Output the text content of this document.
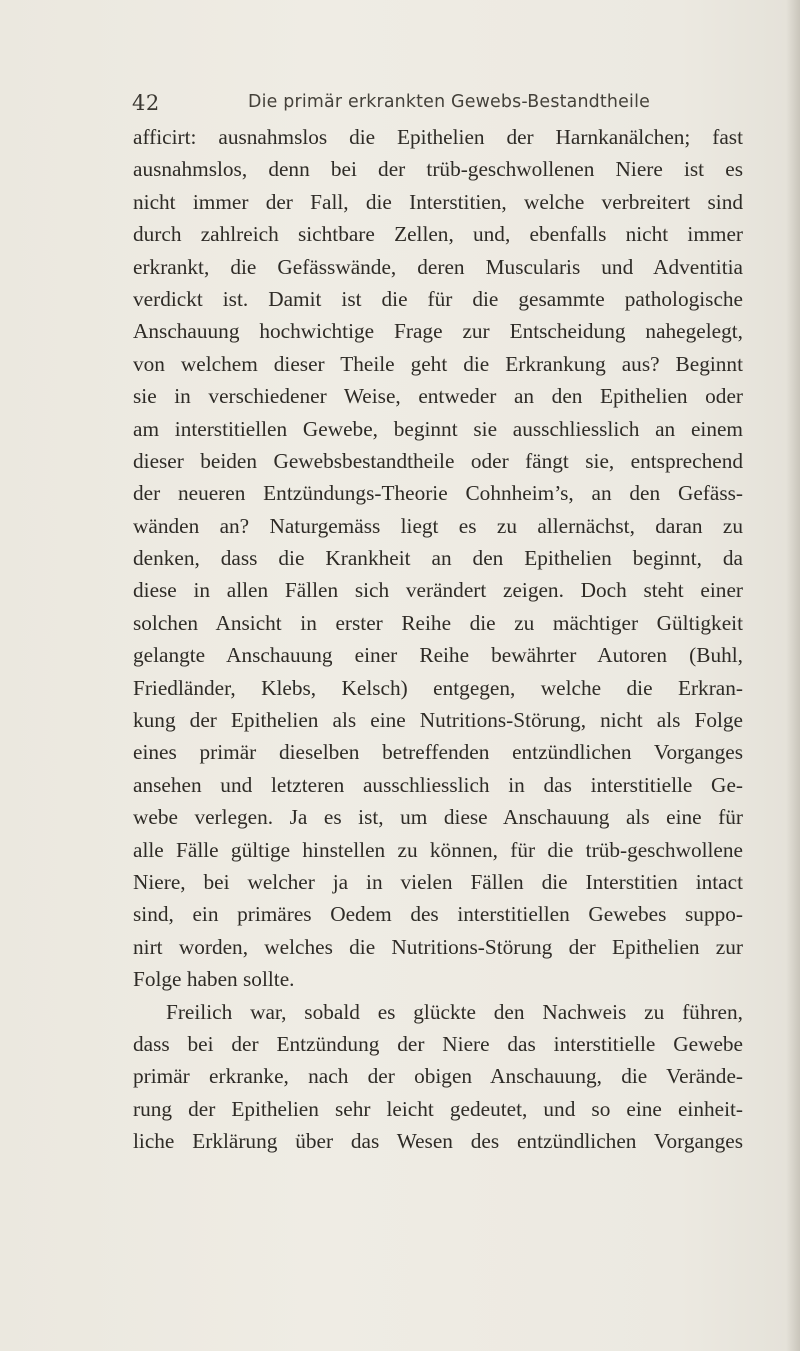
42	Die primär erkrankten Gewebs-Bestandtheile
afficirt: ausnahmslos die Epithelien der Harnkanälchen; fast
ausnahmslos, denn bei der trüb-geschwollenen Niere ist es
nicht immer der Fall, die Interstitien, welche verbreitert sind
durch zahlreich sichtbare Zellen, und, ebenfalls nicht immer
erkrankt, die Gefässwände, deren Muscularis und Adventitia
verdickt ist. Damit ist die für die gesammte pathologische
Anschauung hochwichtige Frage zur Entscheidung nahegelegt,
von welchem dieser Theile geht die Erkrankung aus? Beginnt
sie in verschiedener Weise, entweder an den Epithelien oder
am interstitiellen Gewebe, beginnt sie ausschliesslich an einem
dieser beiden Gewebsbestandtheile oder fängt sie, entsprechend
der neueren Entzündungs-Theorie Cohnheim’s, an den Gefäss-
wänden an? Naturgemäss liegt es zu allernächst, daran zu
denken, dass die Krankheit an den Epithelien beginnt, da
diese in allen Fällen sich verändert zeigen. Doch steht einer
solchen Ansicht in erster Reihe die zu mächtiger Gültigkeit
gelangte Anschauung einer Reihe bewährter Autoren (Buhl,
Friedländer, Klebs, Kelsch) entgegen, welche die Erkran-
kung der Epithelien als eine Nutritions-Störung, nicht als Folge
eines primär dieselben betreffenden entzündlichen Vorganges
ansehen und letzteren ausschliesslich in das interstitielle Ge-
webe verlegen. Ja es ist, um diese Anschauung als eine für
alle Fälle gültige hinstellen zu können, für die trüb-geschwollene
Niere, bei welcher ja in vielen Fällen die Interstitien intact
sind, ein primäres Oedem des interstitiellen Gewebes suppo-
nirt worden, welches die Nutritions-Störung der Epithelien zur
Folge haben sollte.
Freilich war, sobald es glückte den Nachweis zu führen,
dass bei der Entzündung der Niere das interstitielle Gewebe
primär erkranke, nach der obigen Anschauung, die Verände-
rung der Epithelien sehr leicht gedeutet, und so eine einheit-
liche Erklärung über das Wesen des entzündlichen Vorganges
